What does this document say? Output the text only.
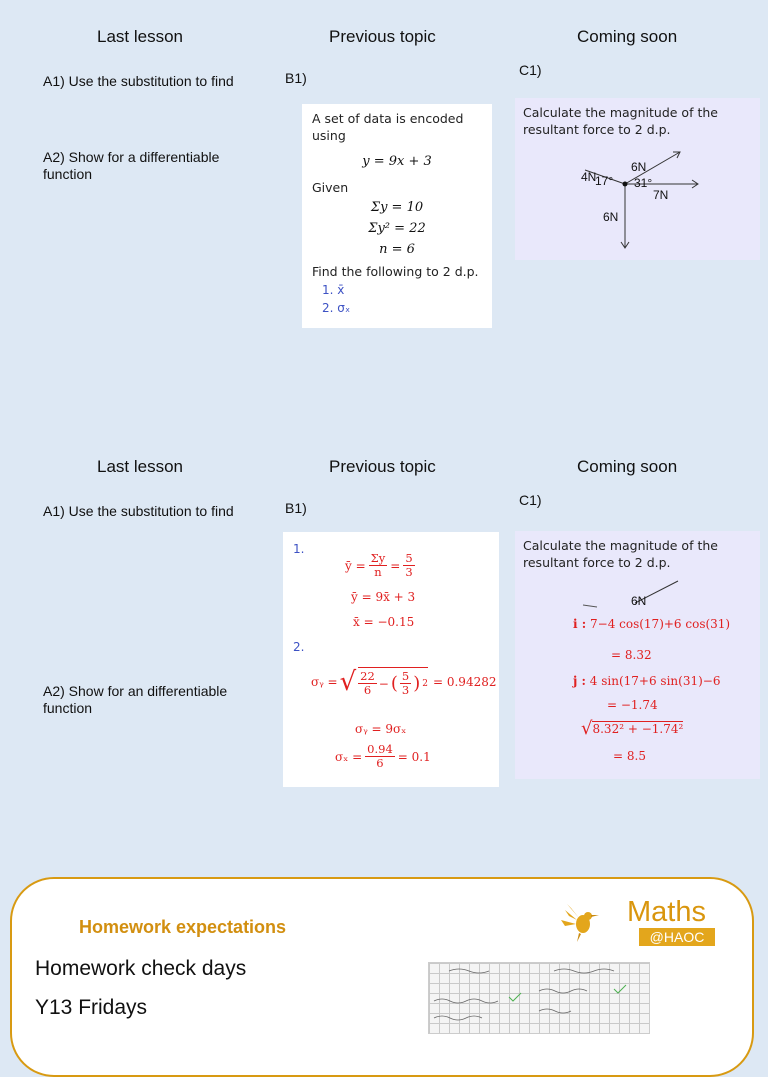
Last lesson	Previous topic	Coming soon
A1) Use the substitution to find
A2) Show for a differentiable function
B1)	C1)
A set of data is encoded using
y = 9x + 3
Given
Σy = 10
Σy² = 22
n = 6
Find the following to 2 d.p.
1. x̄
2. σₓ
Calculate the magnitude of the resultant force to 2 d.p.
4N
17°
6N
31°
7N
6N
Last lesson	Previous topic	Coming soon
A1) Use the substitution to find
A2) Show for an differentiable function
B1)	C1)
1.
ȳ = $\frac{\Sigma y}{n} = \frac{5}{3}$
ȳ = 9x̄ + 3
x̄ = −0.15
2.
σᵧ = √ $\frac{22}{6}$ − ( $\frac{5}{3}$ ) 2 = 0.94282
σᵧ = 9σₓ
$\sigma_x = \frac{0.94}{6} = 0.1$
Calculate the magnitude of the resultant force to 2 d.p.
6N
i : 7−4 cos(17)+6 cos(31)
= 8.32
j : 4 sin(17+6 sin(31)−6
= −1.74
√ 8.32² + −1.74²
= 8.5
Homework expectations
Homework check days
Y13 Fridays
Maths
@HAOC
